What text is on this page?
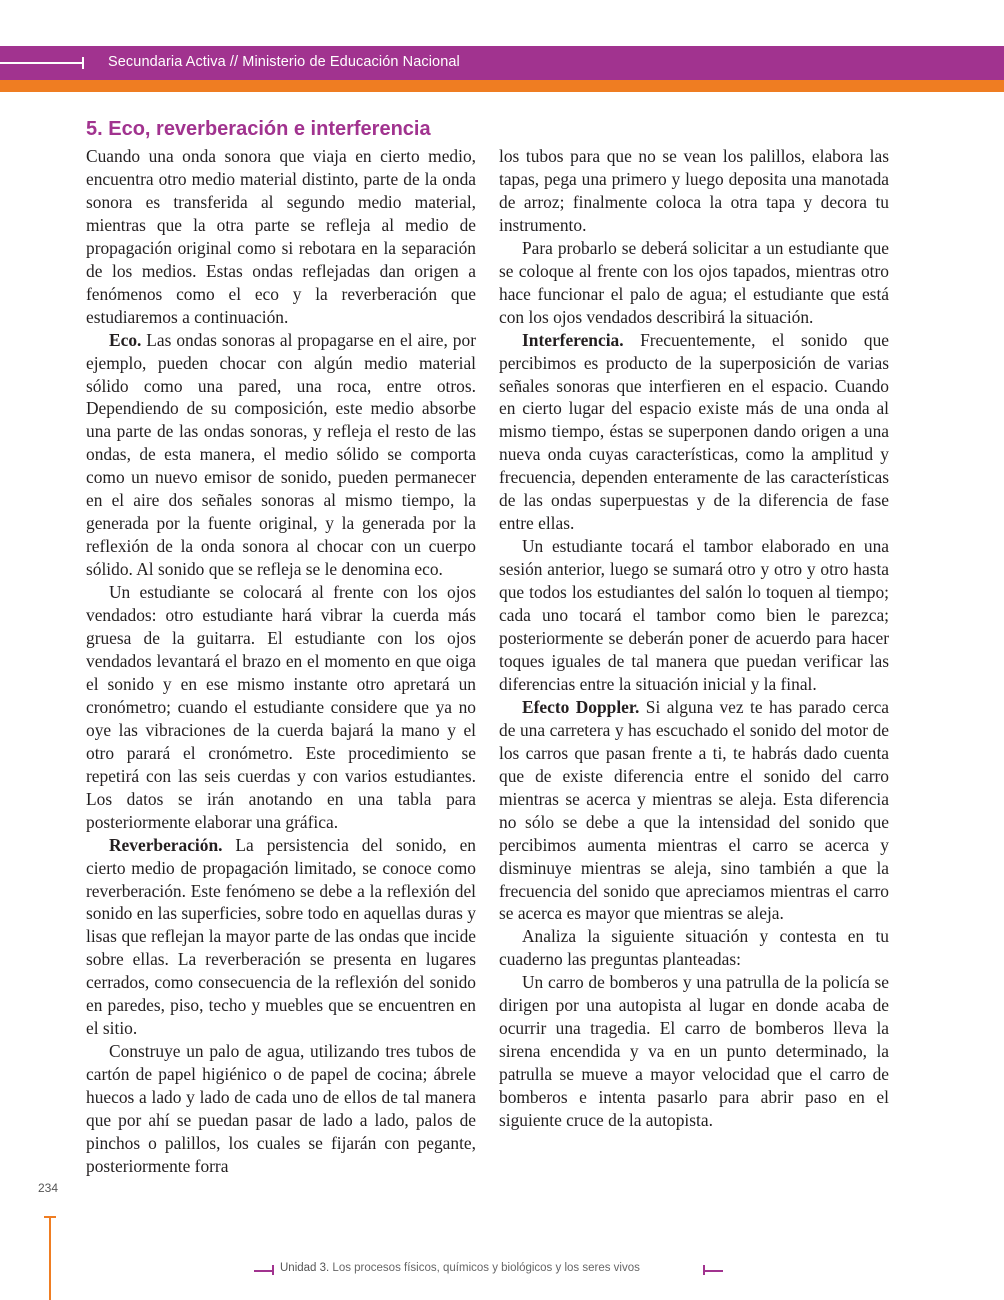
Secundaria Activa // Ministerio de Educación Nacional
5. Eco, reverberación e interferencia

Cuando una onda sonora que viaja en cierto medio, encuentra otro medio material distinto, parte de la onda sonora es transferida al segundo medio material, mientras que la otra parte se refleja al medio de propagación original como si rebotara en la separación de los medios. Estas ondas reflejadas dan origen a fenómenos como el eco y la reverberación que estudiaremos a continuación.

Eco. Las ondas sonoras al propagarse en el aire, por ejemplo, pueden chocar con algún medio material sólido como una pared, una roca, entre otros. Dependiendo de su composición, este medio absorbe una parte de las ondas sonoras, y refleja el resto de las ondas, de esta manera, el medio sólido se comporta como un nuevo emisor de sonido, pueden permanecer en el aire dos señales sonoras al mismo tiempo, la generada por la fuente original, y la generada por la reflexión de la onda sonora al chocar con un cuerpo sólido. Al sonido que se refleja se le denomina eco.

Un estudiante se colocará al frente con los ojos vendados: otro estudiante hará vibrar la cuerda más gruesa de la guitarra. El estudiante con los ojos vendados levantará el brazo en el momento en que oiga el sonido y en ese mismo instante otro apretará un cronómetro; cuando el estudiante considere que ya no oye las vibraciones de la cuerda bajará la mano y el otro parará el cronómetro. Este procedimiento se repetirá con las seis cuerdas y con varios estudiantes. Los datos se irán anotando en una tabla para posteriormente elaborar una gráfica.

Reverberación. La persistencia del sonido, en cierto medio de propagación limitado, se conoce como reverberación. Este fenómeno se debe a la reflexión del sonido en las superficies, sobre todo en aquellas duras y lisas que reflejan la mayor parte de las ondas que incide sobre ellas. La reverberación se presenta en lugares cerrados, como consecuencia de la reflexión del sonido en paredes, piso, techo y muebles que se encuentren en el sitio.

Construye un palo de agua, utilizando tres tubos de cartón de papel higiénico o de papel de cocina; ábrele huecos a lado y lado de cada uno de ellos de tal manera que por ahí se puedan pasar de lado a lado, palos de pinchos o palillos, los cuales se fijarán con pegante, posteriormente forra

los tubos para que no se vean los palillos, elabora las tapas, pega una primero y luego deposita una manotada de arroz; finalmente coloca la otra tapa y decora tu instrumento.

Para probarlo se deberá solicitar a un estudiante que se coloque al frente con los ojos tapados, mientras otro hace funcionar el palo de agua; el estudiante que está con los ojos vendados describirá la situación.

Interferencia. Frecuentemente, el sonido que percibimos es producto de la superposición de varias señales sonoras que interfieren en el espacio. Cuando en cierto lugar del espacio existe más de una onda al mismo tiempo, éstas se superponen dando origen a una nueva onda cuyas características, como la amplitud y frecuencia, dependen enteramente de las características de las ondas superpuestas y de la diferencia de fase entre ellas.

Un estudiante tocará el tambor elaborado en una sesión anterior, luego se sumará otro y otro y otro hasta que todos los estudiantes del salón lo toquen al tiempo; cada uno tocará el tambor como bien le parezca; posteriormente se deberán poner de acuerdo para hacer toques iguales de tal manera que puedan verificar las diferencias entre la situación inicial y la final.

Efecto Doppler. Si alguna vez te has parado cerca de una carretera y has escuchado el sonido del motor de los carros que pasan frente a ti, te habrás dado cuenta que de existe diferencia entre el sonido del carro mientras se acerca y mientras se aleja. Esta diferencia no sólo se debe a que la intensidad del sonido que percibimos aumenta mientras el carro se acerca y disminuye mientras se aleja, sino también a que la frecuencia del sonido que apreciamos mientras el carro se acerca es mayor que mientras se aleja.

Analiza la siguiente situación y contesta en tu cuaderno las preguntas planteadas:

Un carro de bomberos y una patrulla de la policía se dirigen por una autopista al lugar en donde acaba de ocurrir una tragedia. El carro de bomberos lleva la sirena encendida y va en un punto determinado, la patrulla se mueve a mayor velocidad que el carro de bomberos e intenta pasarlo para abrir paso en el siguiente cruce de la autopista.

234
Unidad 3. Los procesos físicos, químicos y biológicos y los seres vivos
